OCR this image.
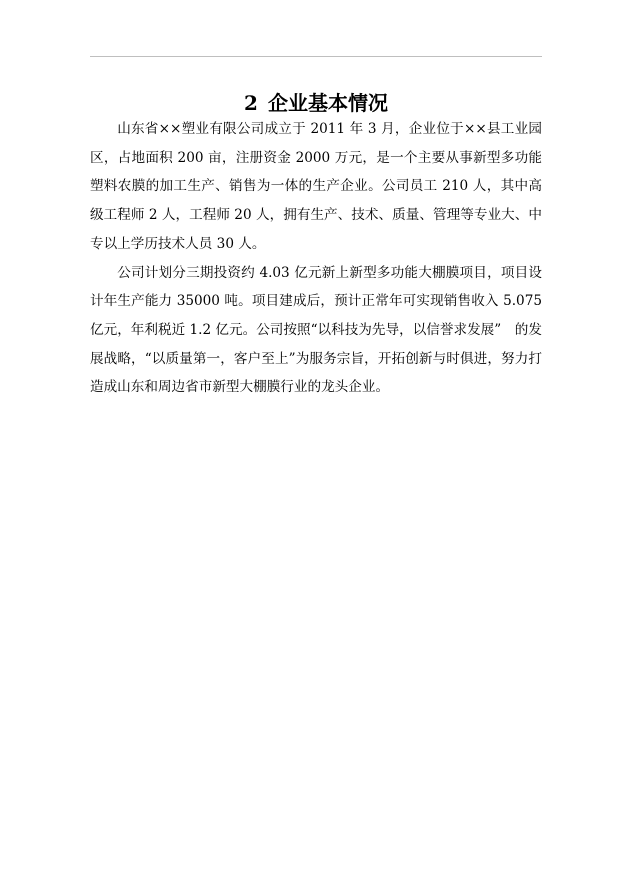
2 企业基本情况

山东省××塑业有限公司成立于 2011 年 3 月，企业位于××县工业园区，占地面积 200 亩，注册资金 2000 万元，是一个主要从事新型多功能塑料农膜的加工生产、销售为一体的生产企业。公司员工 210 人，其中高级工程师 2 人，工程师 20 人，拥有生产、技术、质量、管理等专业大、中专以上学历技术人员 30 人。

公司计划分三期投资约 4.03 亿元新上新型多功能大棚膜项目，项目设计年生产能力 35000 吨。项目建成后，预计正常年可实现销售收入 5.075 亿元，年利税近 1.2 亿元。公司按照“以科技为先导，以信誉求发展”　的发展战略，“以质量第一，客户至上”为服务宗旨，开拓创新与时俱进，努力打造成山东和周边省市新型大棚膜行业的龙头企业。
